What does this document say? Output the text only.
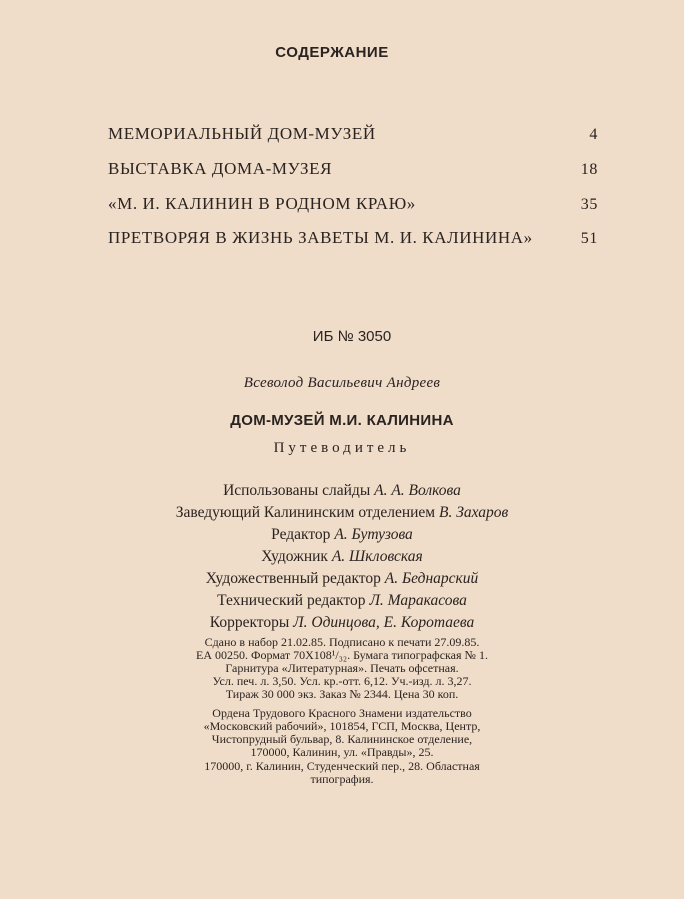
СОДЕРЖАНИЕ
МЕМОРИАЛЬНЫЙ ДОМ-МУЗЕЙ	4
ВЫСТАВКА ДОМА-МУЗЕЯ	18
«М. И. КАЛИНИН В РОДНОМ КРАЮ»	35
ПРЕТВОРЯЯ В ЖИЗНЬ ЗАВЕТЫ М. И. КАЛИНИНА»	51
ИБ № 3050
Всеволод Васильевич Андреев
ДОМ-МУЗЕЙ М.И. КАЛИНИНА
Путеводитель
Использованы слайды А. А. Волкова
Заведующий Калининским отделением В. Захаров
Редактор А. Бутузова
Художник А. Шкловская
Художественный редактор А. Беднарский
Технический редактор Л. Маракасова
Корректоры Л. Одинцова, Е. Коротаева
Сдано в набор 21.02.85. Подписано к печати 27.09.85.
ЕА 00250. Формат 70Х108¹/₃₂. Бумага типографская № 1.
Гарнитура «Литературная». Печать офсетная.
Усл. печ. л. 3,50. Усл. кр.-отт. 6,12. Уч.-изд. л. 3,27.
Тираж 30 000 экз. Заказ № 2344. Цена 30 коп.
Ордена Трудового Красного Знамени издательство
«Московский рабочий», 101854, ГСП, Москва, Центр,
Чистопрудный бульвар, 8. Калининское отделение,
170000, Калинин, ул. «Правды», 25.
170000, г. Калинин, Студенческий пер., 28. Областная
типография.
